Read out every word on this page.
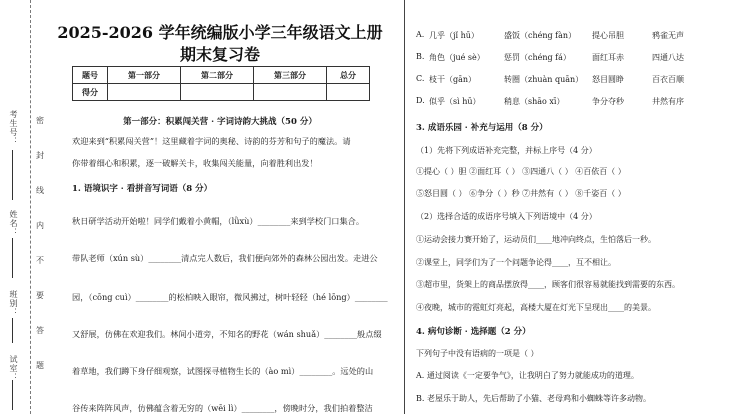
考生号：
姓名：
班别：
试室：
密
封
线
内
不
要
答
题
2025-2026 学年统编版小学三年级语文上册
期末复习卷
题号	第一部分	第二部分	第三部分	总分
得分				
第一部分：积累闯关营 · 字词诗韵大挑战（50 分）
欢迎来到“积累闯关营”！这里藏着字词的奥秘、诗韵的芬芳和句子的魔法。请
你带着细心和积累，逐一破解关卡，收集闯关能量，向着胜利出发！
1. 语境识字 · 看拼音写词语（8 分）
秋日研学活动开始啦！同学们戴着小黄帽，（lǜxù）________来到学校门口集合。
带队老师（xún sù）________清点完人数后，我们便向郊外的森林公园出发。走进公
园，（cōng cuì）________的松柏映入眼帘，微风拂过，树叶轻轻（hé lōng）________
又舒展，仿佛在欢迎我们。林间小道旁，不知名的野花（wán shuǎ）________般点缀
着草地，我们蹲下身仔细观察，试图探寻植物生长的（ào mì）________。远处的山
谷传来阵阵风声，仿佛蕴含着无穷的（wēi lì）________，傍晚时分，我们拍着整洁
A. 几乎（jǐ hū）	盛饭（chéng fàn） 提心吊胆	鸦雀无声
B. 角色（jué sè） 惩罚（chéng fá）	面红耳赤	四通八达
C. 枝干（gān）	转圈（zhuàn quān） 怒目圆睁	百衣百顺
D. 似乎（sì hū）	稍息（shāo xī）	争分夺秒	井然有序
3. 成语乐园 · 补充与运用（8 分）
（1）先将下列成语补充完整，并标上序号（4 分）
①提心（ ）胆 ②面红耳（ ） ③四通八（ ） ④百依百（ ）
⑤怒目圆（ ） ⑥争分（ ）秒 ⑦井然有（ ） ⑧千姿百（ ）
（2）选择合适的成语序号填入下列语境中（4 分）
①运动会接力赛开始了，运动员们____地冲向终点，生怕落后一秒。
②课堂上，同学们为了一个问题争论得____，互不相让。
③超市里，货架上的商品摆放得____，顾客们很容易就能找到需要的东西。
④夜晚，城市的霓虹灯亮起，高楼大厦在灯光下呈现出____的美景。
4. 病句诊断 · 选择题（2 分）
下列句子中没有语病的一项是（ ）
A. 通过阅读《一定要争气》，让我明白了努力就能成功的道理。
B. 老屋乐于助人，先后帮助了小猫、老母鸡和小蜘蛛等许多动物。
